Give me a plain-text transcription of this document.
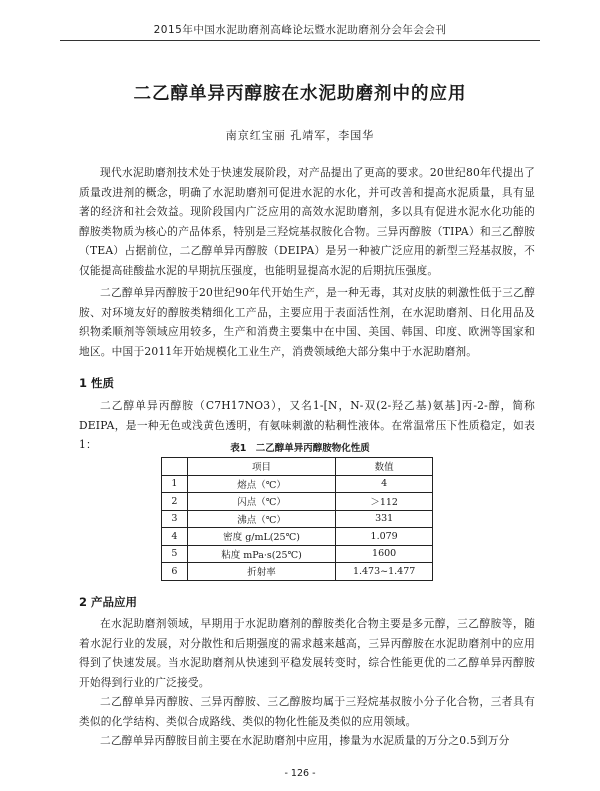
2015年中国水泥助磨剂高峰论坛暨水泥助磨剂分会年会会刊
二乙醇单异丙醇胺在水泥助磨剂中的应用
南京红宝丽 孔靖军，李国华

现代水泥助磨剂技术处于快速发展阶段，对产品提出了更高的要求。20世纪80年代提出了质量改进剂的概念，明确了水泥助磨剂可促进水泥的水化，并可改善和提高水泥质量，具有显著的经济和社会效益。现阶段国内广泛应用的高效水泥助磨剂，多以具有促进水泥水化功能的醇胺类物质为核心的产品体系，特别是三羟烷基叔胺化合物。三异丙醇胺（TIPA）和三乙醇胺（TEA）占据前位，二乙醇单异丙醇胺（DEIPA）是另一种被广泛应用的新型三羟基叔胺，不仅能提高硅酸盐水泥的早期抗压强度，也能明显提高水泥的后期抗压强度。

二乙醇单异丙醇胺于20世纪90年代开始生产，是一种无毒，其对皮肤的刺激性低于三乙醇胺、对环境友好的醇胺类精细化工产品，主要应用于表面活性剂，在水泥助磨剂、日化用品及织物柔顺剂等领域应用较多，生产和消费主要集中在中国、美国、韩国、印度、欧洲等国家和地区。中国于2011年开始规模化工业生产，消费领域绝大部分集中于水泥助磨剂。

1 性质

二乙醇单异丙醇胺（C7H17NO3），又名1-[N，N-双(2-羟乙基)氨基]丙-2-醇，简称DEIPA，是一种无色或浅黄色透明，有氨味刺激的粘稠性液体。在常温常压下性质稳定，如表1：	表1　二乙醇单异丙醇胺物化性质
	项目	数值
1	熔点（℃）	4
2	闪点（℃）	＞112
3	沸点（℃）	331
4	密度 g/mL(25℃)	1.079
5	粘度 mPa·s(25℃)	1600
6	折射率	1.473~1.477
2 产品应用

在水泥助磨剂领域，早期用于水泥助磨剂的醇胺类化合物主要是多元醇，三乙醇胺等，随着水泥行业的发展，对分散性和后期强度的需求越来越高，三异丙醇胺在水泥助磨剂中的应用得到了快速发展。当水泥助磨剂从快速到平稳发展转变时，综合性能更优的二乙醇单异丙醇胺开始得到行业的广泛接受。

二乙醇单异丙醇胺、三异丙醇胺、三乙醇胺均属于三羟烷基叔胺小分子化合物，三者具有类似的化学结构、类似合成路线、类似的物化性能及类似的应用领域。

二乙醇单异丙醇胺目前主要在水泥助磨剂中应用，掺量为水泥质量的万分之0.5到万分

- 126 -
